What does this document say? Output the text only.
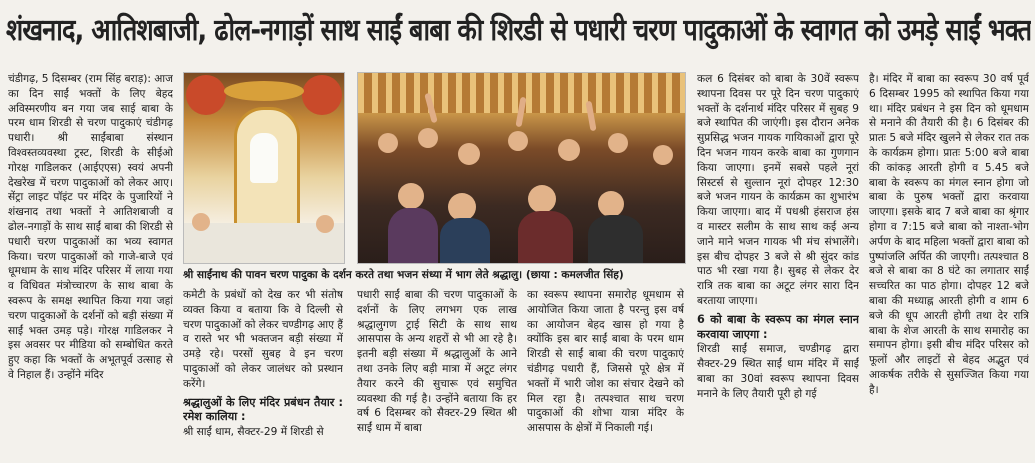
शंखनाद, आतिशबाजी, ढोल-नगाड़ों साथ साईं बाबा की शिरडी से पधारी चरण पादुकाओं के स्वागत को उमड़े साईं भक्त

चंडीगढ़, 5 दिसम्बर (राम सिंह बराड़): आज का दिन साईं भक्तों के लिए बेहद अविस्मरणीय बन गया जब साई बाबा के परम धाम शिरडी से चरण पादुकाएं चंडीगढ़ पधारी। श्री साईंबाबा संस्थान विश्वस्तव्यवस्था ट्रस्ट, शिरडी के सीईओ गोरक्ष गाडिलकर (आईएएस) स्वयं अपनी देखरेख में चरण पादुकाओं को लेकर आए। सेंट्रा लाइट पॉइंट पर मंदिर के पुजारियों ने शंखनाद तथा भक्तों ने आतिशबाजी व ढोल-नगाड़ों के साथ साईं बाबा की शिरडी से पधारी चरण पादुकाओं का भव्य स्वागत किया। चरण पादुकाओं को गाजे-बाजे एवं धूमधाम के साथ मंदिर परिसर में लाया गया व विधिवत मंत्रोच्चारण के साथ बाबा के स्वरूप के समक्ष स्थापित किया गया जहां चरण पादुकाओं के दर्शनों को बड़ी संख्या में साईं भक्त उमड़ पड़े। गोरक्ष गाडिलकर ने इस अवसर पर मीडिया को सम्बोधित करते हुए कहा कि भक्तों के अभूतपूर्व उत्साह से वे निहाल हैं। उन्होंने मंदिर

श्री साईंनाथ की पावन चरण पादुका के दर्शन करते तथा भजन संध्या में भाग लेते श्रद्धालु। (छाया : कमलजीत सिंह)

कमेटी के प्रबंधों को देख कर भी संतोष व्यक्त किया व बताया कि वे दिल्ली से चरण पादुकाओं को लेकर चण्डीगढ़ आए हैं व रास्ते भर भी भक्तजन बड़ी संख्या में उमड़े रहे। परसों सुबह वे इन चरण पादुकाओं को लेकर जालंधर को प्रस्थान करेंगे।

श्रद्धालुओं के लिए मंदिर प्रबंधन तैयार : रमेश कालिया :

श्री साईं धाम, सैक्टर-29 में शिरडी से

पधारी साईं बाबा की चरण पादुकाओं के दर्शनों के लिए लगभग एक लाख श्रद्धालुगण ट्राई सिटी के साथ साथ आसपास के अन्य शहरों से भी आ रहे है। इतनी बड़ी संख्या में श्रद्धालुओं के आने तथा उनके लिए बड़ी मात्रा में अटूट लंगर तैयार करने की सुचारू एवं समुचित व्यवस्था की गई है। उन्होंने बताया कि हर वर्ष 6 दिसम्बर को सैक्टर-29 स्थित श्री साईं धाम में बाबा

का स्वरूप स्थापना समारोह धूमधाम से आयोजित किया जाता है परन्तु इस वर्ष का आयोजन बेहद खास हो गया है क्योंकि इस बार साईं बाबा के परम धाम शिरडी से साईं बाबा की चरण पादुकाएं चंडीगढ़ पधारी हैं, जिससे पूरे क्षेत्र में भक्तों में भारी जोश का संचार देखने को मिल रहा है। तत्पश्चात साथ चरण पादुकाओं की शोभा यात्रा मंदिर के आसपास के क्षेत्रों में निकाली गई।

कल 6 दिसंबर को बाबा के 30वें स्वरूप स्थापना दिवस पर पूरे दिन चरण पादुकाएं भक्तों के दर्शनार्थ मंदिर परिसर में सुबह 9 बजे स्थापित की जाएंगी। इस दौरान अनेक सुप्रसिद्ध भजन गायक गायिकाओं द्वारा पूरे दिन भजन गायन करके बाबा का गुणगान किया जाएगा। इनमें सबसे पहले नूरां सिस्टर्स से सुल्तान नूरां दोपहर 12:30 बजे भजन गायन के कार्यक्रम का शुभारंभ किया जाएगा। बाद में पधश्री हंसराज हंस व मास्टर सलीम के साथ साथ कई अन्य जाने माने भजन गायक भी मंच संभालेंगे। इस बीच दोपहर 3 बजे से श्री सुंदर कांड पाठ भी रखा गया है। सुबह से लेकर देर रात्रि तक बाबा का अटूट लंगर सारा दिन बरताया जाएगा।

6 को बाबा के स्वरूप का मंगल स्नान करवाया जाएगा :

शिरडी साईं समाज, चण्डीगढ़ द्वारा सैक्टर-29 स्थित साईं धाम मंदिर में साईं बाबा का 30वां स्वरूप स्थापना दिवस मनाने के लिए तैयारी पूरी हो गई

है। मंदिर में बाबा का स्वरूप 30 वर्ष पूर्व 6 दिसम्बर 1995 को स्थापित किया गया था। मंदिर प्रबंधन ने इस दिन को धूमधाम से मनाने की तैयारी की है। 6 दिसंबर की प्रातः 5 बजे मंदिर खुलने से लेकर रात तक के कार्यक्रम होगा। प्रातः 5:00 बजे बाबा की कांकड़ आरती होगी व 5.45 बजे बाबा के स्वरूप का मंगल स्नान होगा जो बाबा के पुरुष भक्तों द्वारा करवाया जाएगा। इसके बाद 7 बजे बाबा का श्रृंगार होगा व 7:15 बजे बाबा को नाश्ता-भोग अर्पण के बाद महिला भक्तों द्वारा बाबा को पुष्पांजलि अर्पित की जाएगी। तत्पश्चात 8 बजे से बाबा का 8 घंटे का लगातार साईं सच्चरित का पाठ होगा। दोपहर 12 बजे बाबा की मध्याह्न आरती होगी व शाम 6 बजे की धूप आरती होगी तथा देर रात्रि बाबा के शेज आरती के साथ समारोह का समापन होगा। इसी बीच मंदिर परिसर को फूलों और लाइटों से बेहद अद्भुत एवं आकर्षक तरीके से सुसज्जित किया गया है।
